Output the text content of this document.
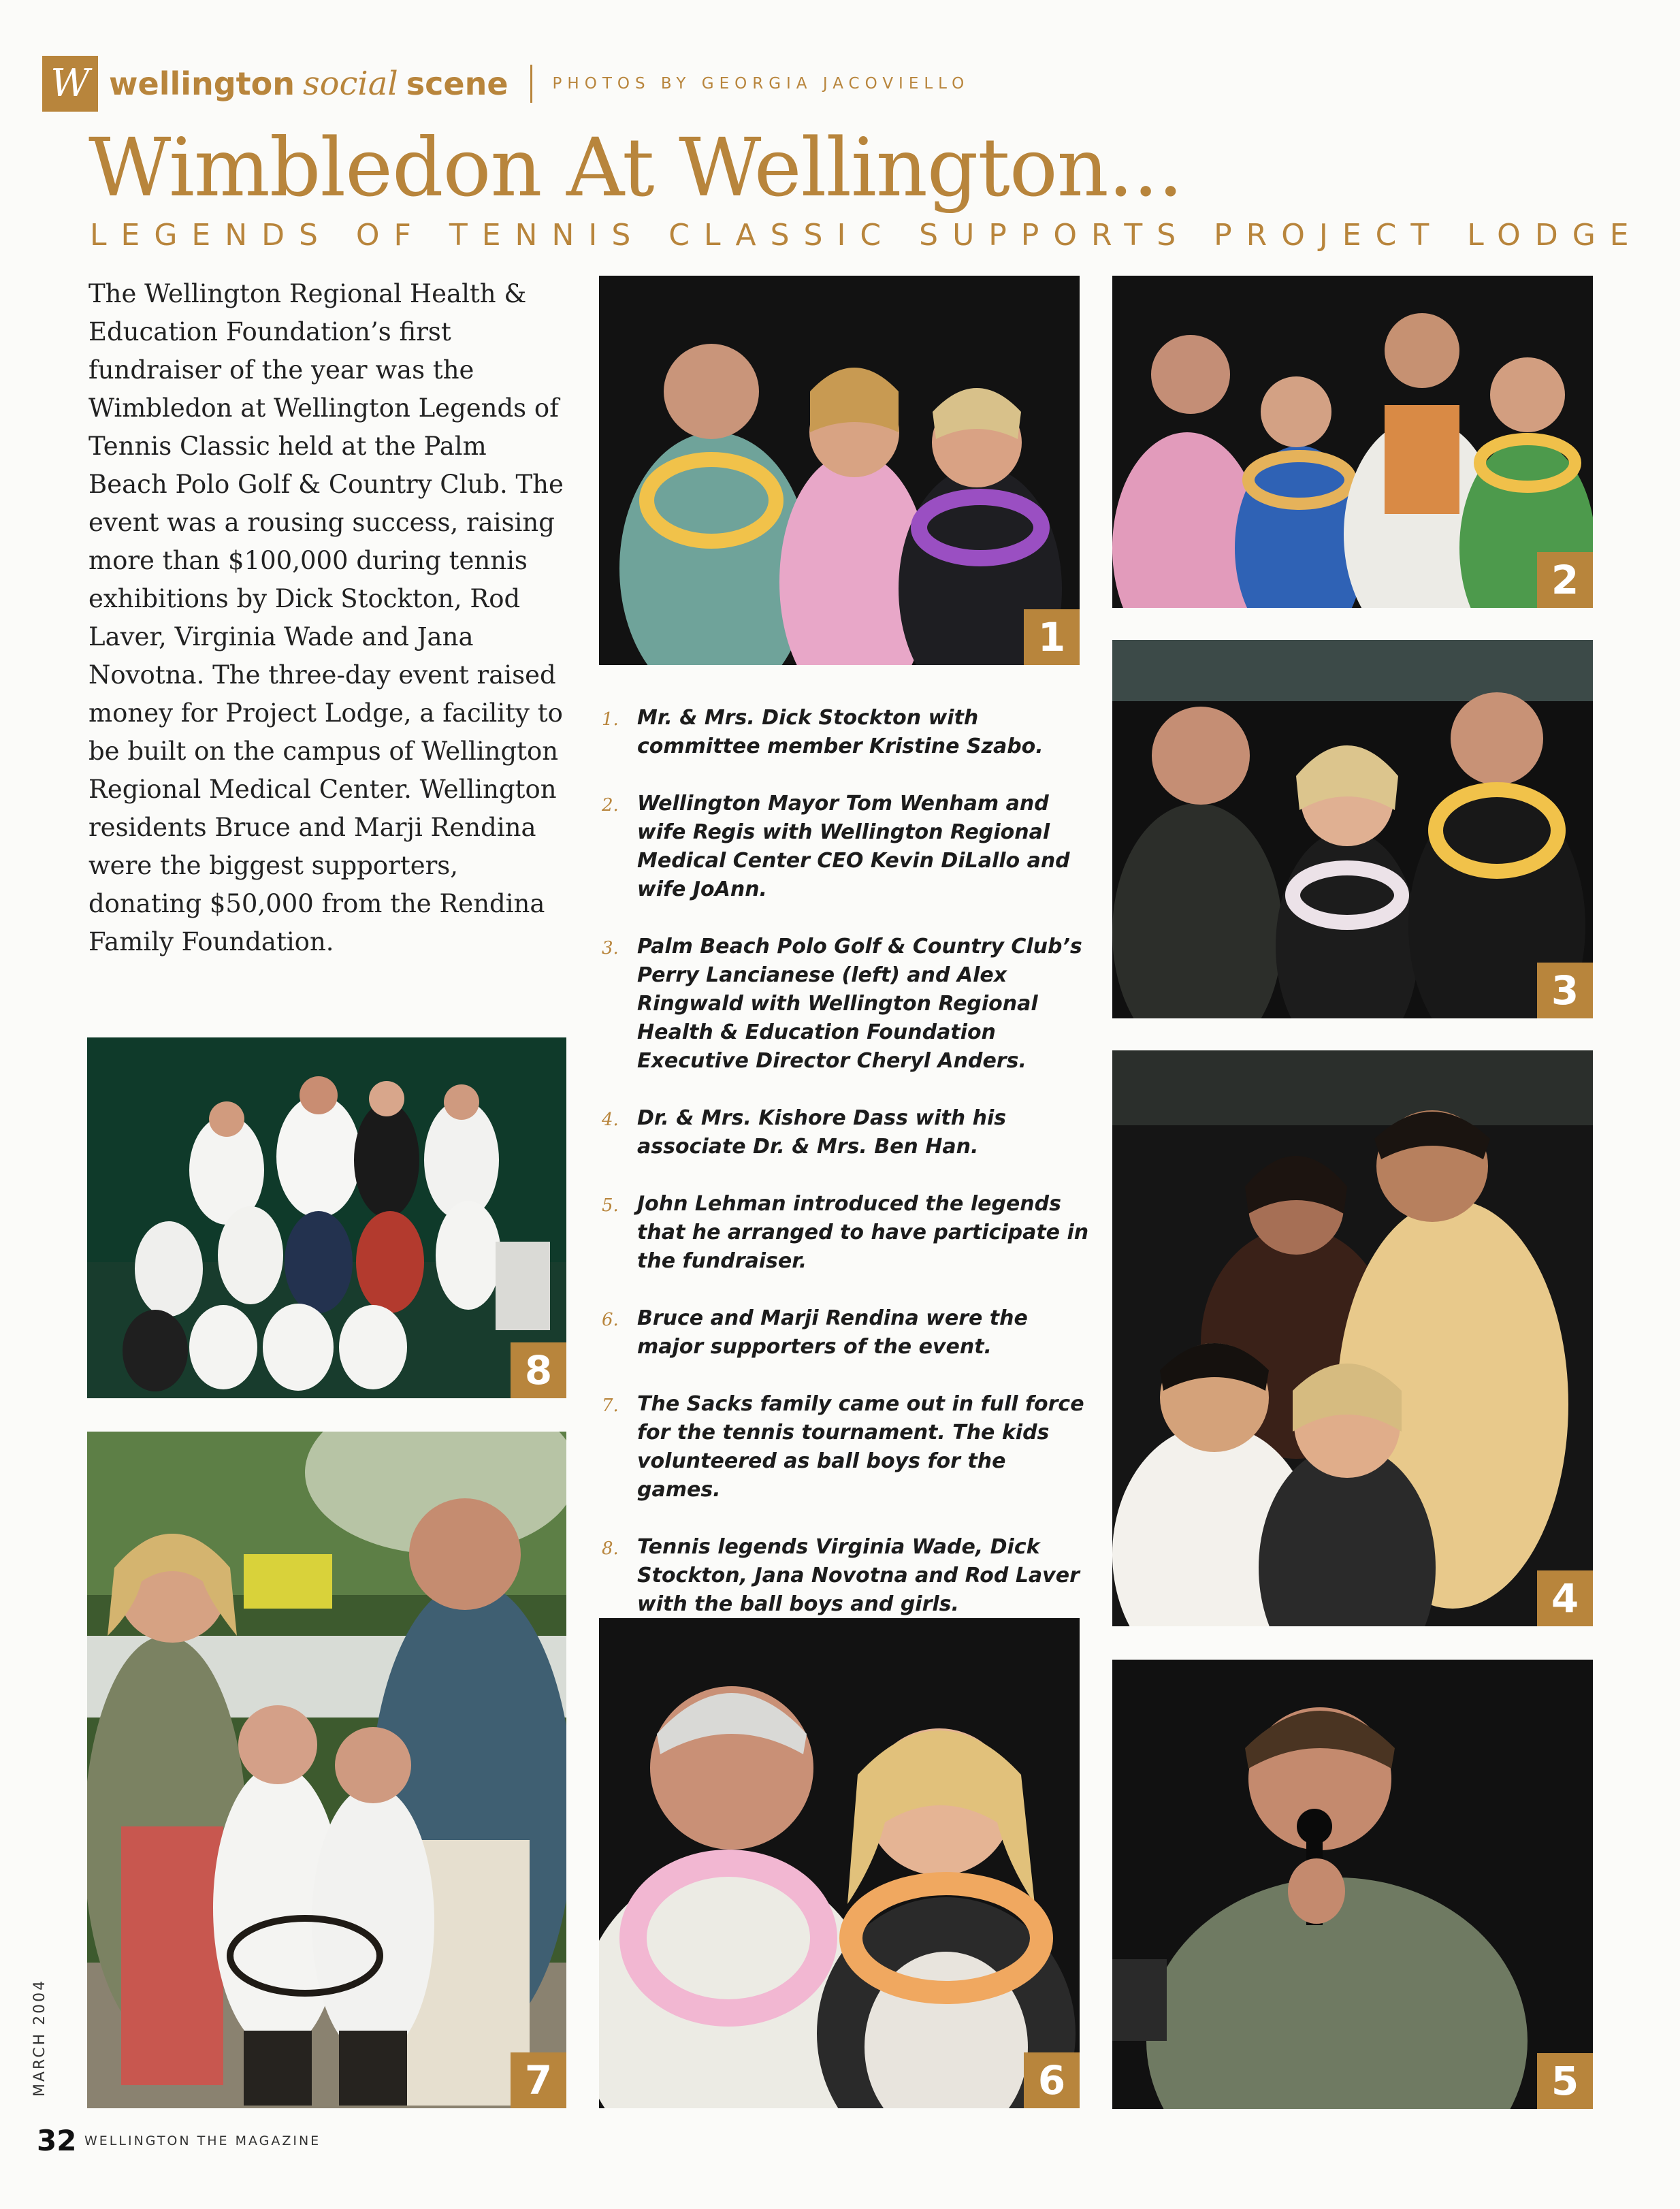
W wellington social scene	PHOTOS BY GEORGIA JACOVIELLO
Wimbledon At Wellington...
LEGENDS OF TENNIS CLASSIC SUPPORTS PROJECT LODGE
The Wellington Regional Health & Education Foundation’s first fundraiser of the year was the Wimbledon at Wellington Legends of Tennis Classic held at the Palm Beach Polo Golf & Country Club. The event was a rousing success, raising more than $100,000 during tennis exhibitions by Dick Stockton, Rod Laver, Virginia Wade and Jana Novotna. The three-day event raised money for Project Lodge, a facility to be built on the campus of Wellington Regional Medical Center. Wellington residents Bruce and Marji Rendina were the biggest supporters, donating $50,000 from the Rendina Family Foundation.
1
2
3
4
5
6
7
8
1. Mr. & Mrs. Dick Stockton with committee member Kristine Szabo.
2. Wellington Mayor Tom Wenham and wife Regis with Wellington Regional Medical Center CEO Kevin DiLallo and wife JoAnn.
3. Palm Beach Polo Golf & Country Club’s Perry Lancianese (left) and Alex Ringwald with Wellington Regional Health & Education Foundation Executive Director Cheryl Anders.
4. Dr. & Mrs. Kishore Dass with his associate Dr. & Mrs. Ben Han.
5. John Lehman introduced the legends that he arranged to have participate in the fundraiser.
6. Bruce and Marji Rendina were the major supporters of the event.
7. The Sacks family came out in full force for the tennis tournament. The kids volunteered as ball boys for the games.
8. Tennis legends Virginia Wade, Dick Stockton, Jana Novotna and Rod Laver with the ball boys and girls.
MARCH 2004
32 WELLINGTON THE MAGAZINE
